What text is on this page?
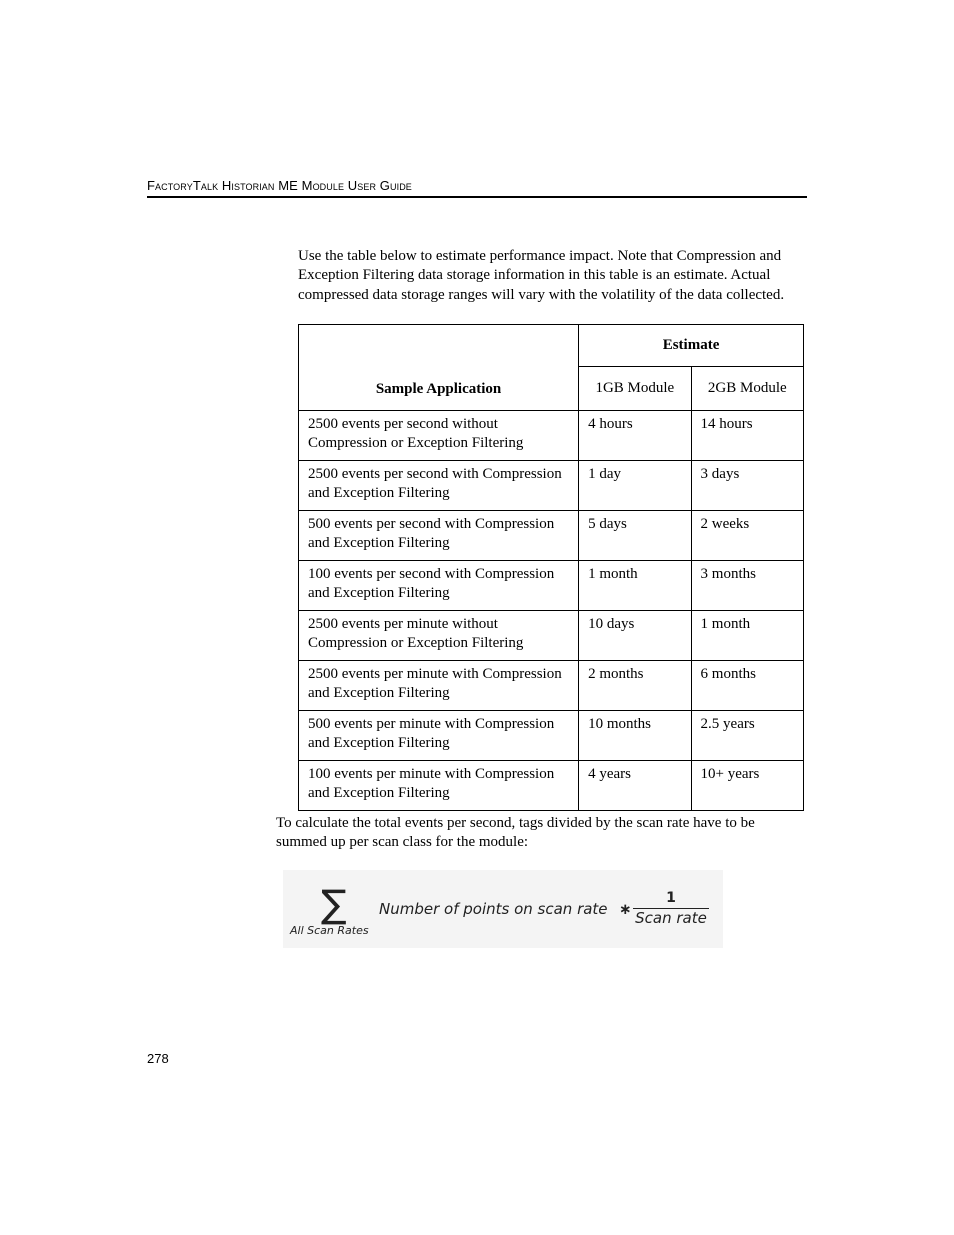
FactoryTalk Historian ME Module User Guide

Use the table below to estimate performance impact. Note that Compression and Exception Filtering data storage information in this table is an estimate. Actual compressed data storage ranges will vary with the volatility of the data collected.

Sample Application	Estimate	
	1GB Module	2GB Module
2500 events per second without Compression or Exception Filtering	4 hours	14 hours
2500 events per second with Compression and Exception Filtering	1 day	3 days
500 events per second with Compression and Exception Filtering	5 days	2 weeks
100 events per second with Compression and Exception Filtering	1 month	3 months
2500 events per minute without Compression or Exception Filtering	10 days	1 month
2500 events per minute with Compression and Exception Filtering	2 months	6 months
500 events per minute with Compression and Exception Filtering	10 months	2.5 years
100 events per minute with Compression and Exception Filtering	4 years	10+ years

To calculate the total events per second, tags divided by the scan rate have to be summed up per scan class for the module:

∑
All Scan Rates
Number of points on scan rate ∗
1
Scan rate
278
